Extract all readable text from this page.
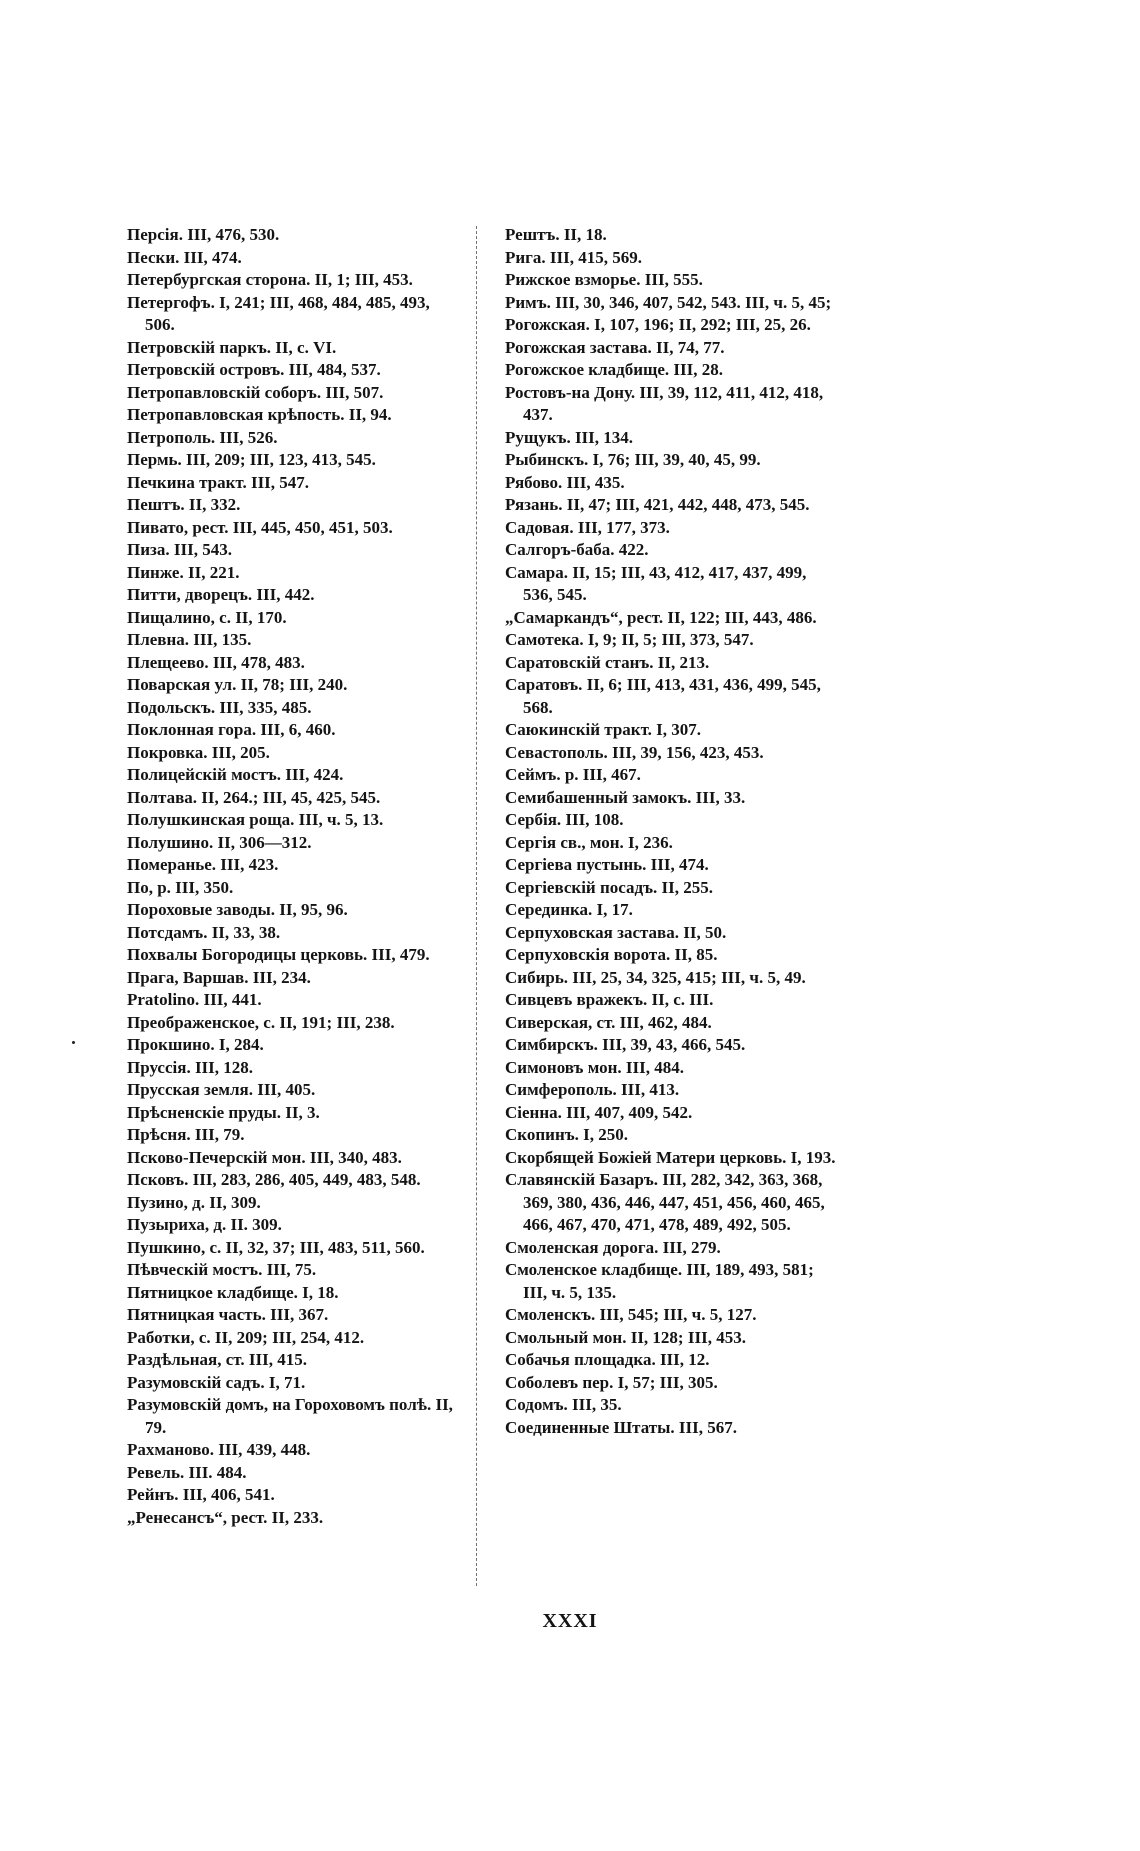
Персія. III, 476, 530.

Пески. III, 474.

Петербургская сторона. II, 1; III, 453.

Петергофъ. I, 241; III, 468, 484, 485, 493, 506.

Петровскій паркъ. II, с. VI.

Петровскій островъ. III, 484, 537.

Петропавловскій соборъ. III, 507.

Петропавловская крѣпость. II, 94.

Петрополь. III, 526.

Пермь. III, 209; III, 123, 413, 545.

Печкина тракт. III, 547.

Пештъ. II, 332.

Пивато, рест. III, 445, 450, 451, 503.

Пиза. III, 543.

Пинже. II, 221.

Питти, дворецъ. III, 442.

Пищалино, с. II, 170.

Плевна. III, 135.

Плещеево. III, 478, 483.

Поварская ул. II, 78; III, 240.

Подольскъ. III, 335, 485.

Поклонная гора. III, 6, 460.

Покровка. III, 205.

Полицейскій мостъ. III, 424.

Полтава. II, 264.; III, 45, 425, 545.

Полушкинская роща. III, ч. 5, 13.

Полушино. II, 306—312.

Померанье. III, 423.

По, р. III, 350.

Пороховые заводы. II, 95, 96.

Потсдамъ. II, 33, 38.

Похвалы Богородицы церковь. III, 479.

Прага, Варшав. III, 234.

Pratolino. III, 441.

Преображенское, с. II, 191; III, 238.

Прокшино. I, 284.

Пруссія. III, 128.

Прусская земля. III, 405.

Прѣсненскіе пруды. II, 3.

Прѣсня. III, 79.

Псково-Печерскій мон. III, 340, 483.

Псковъ. III, 283, 286, 405, 449, 483, 548.

Пузино, д. II, 309.

Пузыриха, д. II. 309.

Пушкино, с. II, 32, 37; III, 483, 511, 560.

Пѣвческій мостъ. III, 75.

Пятницкое кладбище. I, 18.

Пятницкая часть. III, 367.

Работки, с. II, 209; III, 254, 412.

Раздѣльная, ст. III, 415.

Разумовскій садъ. I, 71.

Разумовскій домъ, на Гороховомъ полѣ. II, 79.

Рахманово. III, 439, 448.

Ревель. III. 484.

Рейнъ. III, 406, 541.

„Ренесансъ“, рест. II, 233.

Рештъ. II, 18.

Рига. III, 415, 569.

Рижское взморье. III, 555.

Римъ. III, 30, 346, 407, 542, 543. III, ч. 5, 45;

Рогожская. I, 107, 196; II, 292; III, 25, 26.

Рогожская застава. II, 74, 77.

Рогожское кладбище. III, 28.

Ростовъ-на Дону. III, 39, 112, 411, 412, 418, 437.

Рущукъ. III, 134.

Рыбинскъ. I, 76; III, 39, 40, 45, 99.

Рябово. III, 435.

Рязань. II, 47; III, 421, 442, 448, 473, 545.

Садовая. III, 177, 373.

Салгоръ-баба. 422.

Самара. II, 15; III, 43, 412, 417, 437, 499, 536, 545.

„Самаркандъ“, рест. II, 122; III, 443, 486.

Самотека. I, 9; II, 5; III, 373, 547.

Саратовскій станъ. II, 213.

Саратовъ. II, 6; III, 413, 431, 436, 499, 545, 568.

Саюкинскій тракт. I, 307.

Севастополь. III, 39, 156, 423, 453.

Сеймъ. р. III, 467.

Семибашенный замокъ. III, 33.

Сербія. III, 108.

Сергія св., мон. I, 236.

Сергіева пустынь. III, 474.

Сергіевскій посадъ. II, 255.

Серединка. I, 17.

Серпуховская застава. II, 50.

Серпуховскія ворота. II, 85.

Сибирь. III, 25, 34, 325, 415; III, ч. 5, 49.

Сивцевъ вражекъ. II, с. III.

Сиверская, ст. III, 462, 484.

Симбирскъ. III, 39, 43, 466, 545.

Симоновъ мон. III, 484.

Симферополь. III, 413.

Сіенна. III, 407, 409, 542.

Скопинъ. I, 250.

Скорбящей Божіей Матери церковь. I, 193.

Славянскій Базаръ. III, 282, 342, 363, 368, 369, 380, 436, 446, 447, 451, 456, 460, 465, 466, 467, 470, 471, 478, 489, 492, 505.

Смоленская дорога. III, 279.

Смоленское кладбище. III, 189, 493, 581; III, ч. 5, 135.

Смоленскъ. III, 545; III, ч. 5, 127.

Смольный мон. II, 128; III, 453.

Собачья площадка. III, 12.

Соболевъ пер. I, 57; III, 305.

Содомъ. III, 35.

Соединенные Штаты. III, 567.

XXXI
